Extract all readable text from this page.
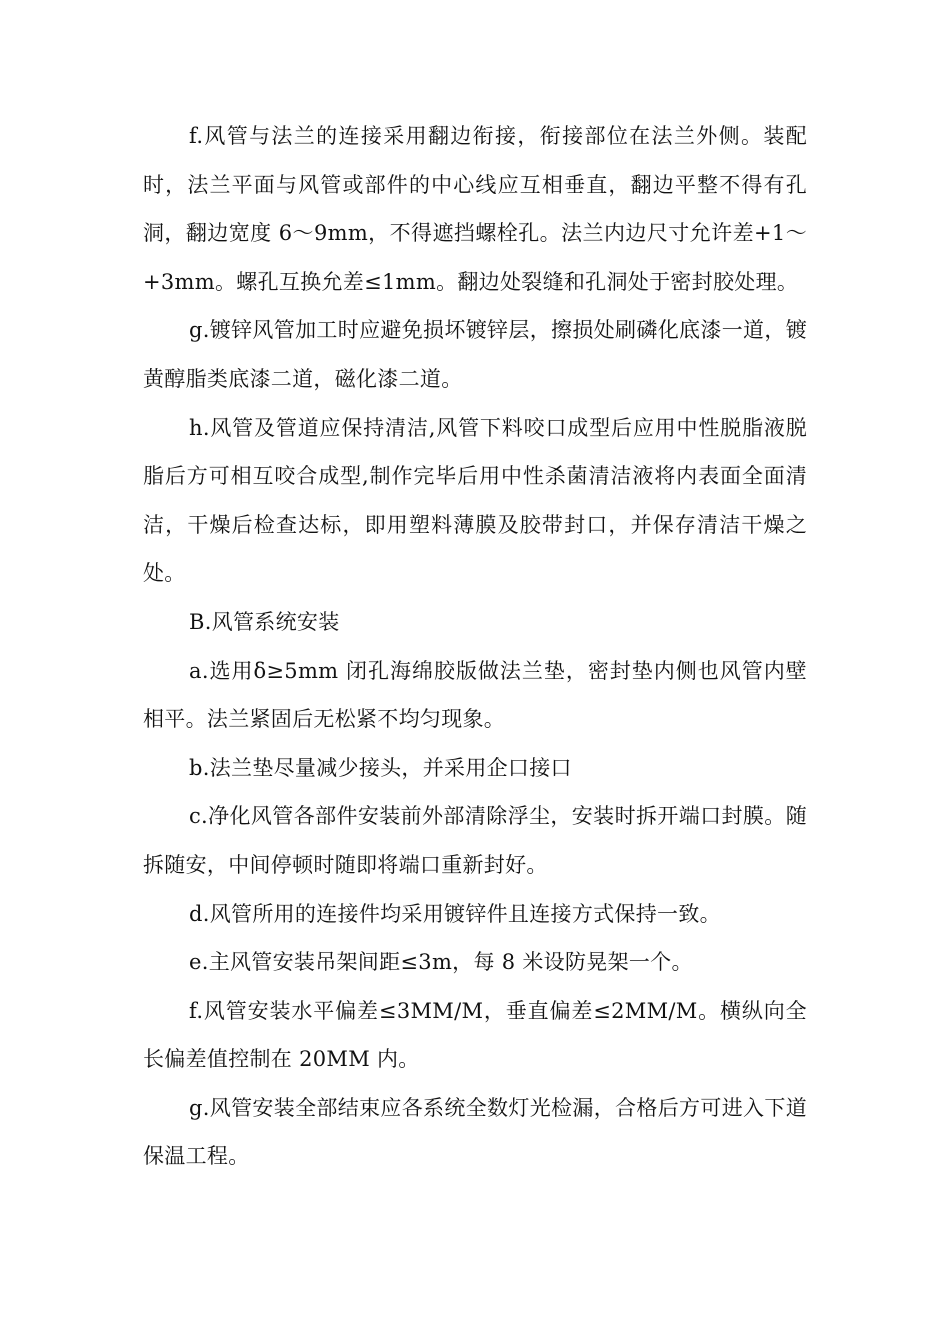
f.风管与法兰的连接采用翻边衔接，衔接部位在法兰外侧。装配时，法兰平面与风管或部件的中心线应互相垂直，翻边平整不得有孔洞，翻边宽度 6～9mm，不得遮挡螺栓孔。法兰内边尺寸允许差+1～+3mm。螺孔互换允差≤1mm。翻边处裂缝和孔洞处于密封胶处理。

g.镀锌风管加工时应避免损坏镀锌层，擦损处刷磷化底漆一道，镀黄醇脂类底漆二道，磁化漆二道。

h.风管及管道应保持清洁,风管下料咬口成型后应用中性脱脂液脱脂后方可相互咬合成型,制作完毕后用中性杀菌清洁液将内表面全面清洁，干燥后检查达标，即用塑料薄膜及胶带封口，并保存清洁干燥之处。

B.风管系统安装

a.选用δ≥5mm 闭孔海绵胶版做法兰垫，密封垫内侧也风管内壁相平。法兰紧固后无松紧不均匀现象。

b.法兰垫尽量减少接头，并采用企口接口

c.净化风管各部件安装前外部清除浮尘，安装时拆开端口封膜。随拆随安，中间停顿时随即将端口重新封好。

d.风管所用的连接件均采用镀锌件且连接方式保持一致。

e.主风管安装吊架间距≤3m，每 8 米设防晃架一个。

f.风管安装水平偏差≤3MM/M，垂直偏差≤2MM/M。横纵向全长偏差值控制在 20MM 内。

g.风管安装全部结束应各系统全数灯光检漏，合格后方可进入下道保温工程。
